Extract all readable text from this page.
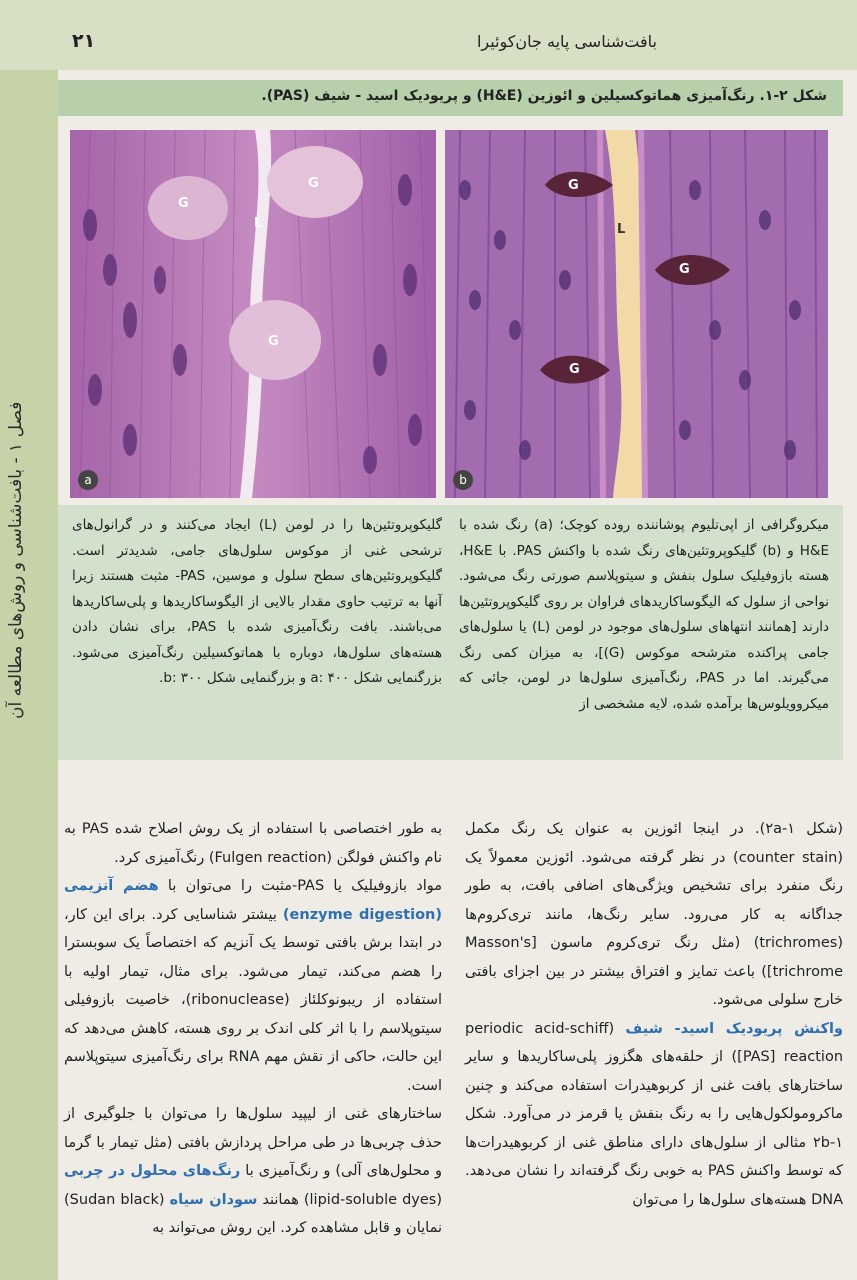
۲۱	بافت‌شناسی پایه جان‌کوئیرا
فصل ۱ - بافت‌شناسی و روش‌های مطالعه آن
شکل ۲-۱. رنگ‌آمیزی هماتوکسیلین و ائوزین (H&E) و پریودیک اسید - شیف (PAS).
G
L
G
G
a
G
L
G
G
b
میکروگرافی از اپی‌تلیوم پوشاننده روده کوچک؛ (a) رنگ شده با H&E و (b) گلیکوپروتئین‌های رنگ شده با واکنش PAS. با H&E، هسته بازوفیلیک سلول بنفش و سیتوپلاسم صورتی رنگ می‌شود. نواحی از سلول که الیگوساکاریدهای فراوان بر روی گلیکوپروتئین‌ها دارند [همانند انتهاهای سلول‌های موجود در لومن (L) یا سلول‌های جامی پراکنده مترشحه موکوس (G)]، به میزان کمی رنگ می‌گیرند. اما در PAS، رنگ‌آمیزی سلول‌ها در لومن، جائی که میکروویلوس‌ها برآمده شده، لایه مشخصی از
گلیکوپروتئین‌ها را در لومن (L) ایجاد می‌کنند و در گرانول‌های ترشحی غنی از موکوس سلول‌های جامی، شدیدتر است. گلیکوپروتئین‌های سطح سلول و موسین، PAS- مثبت هستند زیرا آنها به ترتیب حاوی مقدار بالایی از الیگوساکاریدها و پلی‌ساکاریدها می‌باشند. بافت رنگ‌آمیزی شده با PAS، برای نشان دادن هسته‌های سلول‌ها، دوباره با هماتوکسیلین رنگ‌آمیزی می‌شود. بزرگنمایی شکل a: ۴۰۰ و بزرگنمایی شکل b: ۳۰۰.

(شکل ۲a-۱). در اینجا ائوزین به عنوان یک رنگ مکمل (counter stain) در نظر گرفته می‌شود. ائوزین معمولاً یک رنگ منفرد برای تشخیص ویژگی‌های اضافی بافت، به طور جداگانه به کار می‌رود. سایر رنگ‌ها، مانند تری‌کروم‌ها (trichromes) (مثل رنگ تری‌کروم ماسون [Masson's trichrome]) باعث تمایز و افتراق بیشتر در بین اجزای بافتی خارج سلولی می‌شود.

واکنش پریودیک اسید- شیف (periodic acid-schiff [PAS] reaction) از حلقه‌های هگزوز پلی‌ساکاریدها و سایر ساختارهای بافت غنی از کربوهیدرات استفاده می‌کند و چنین ماکرومولکول‌هایی را به رنگ بنفش یا قرمز در می‌آورد. شکل ۲b-۱ مثالی از سلول‌های دارای مناطق غنی از کربوهیدرات‌ها که توسط واکنش PAS به خوبی رنگ گرفته‌اند را نشان می‌دهد. DNA هسته‌های سلول‌ها را می‌توان

به طور اختصاصی با استفاده از یک روش اصلاح شده PAS به نام واکنش فولگن (Fulgen reaction) رنگ‌آمیزی کرد.

مواد بازوفیلیک یا PAS-مثبت را می‌توان با هضم آنزیمی (enzyme digestion) بیشتر شناسایی کرد. برای این کار، در ابتدا برش بافتی توسط یک آنزیم که اختصاصاً یک سوبسترا را هضم می‌کند، تیمار می‌شود. برای مثال، تیمار اولیه با استفاده از ریبونوکلئاز (ribonuclease)، خاصیت بازوفیلی سیتوپلاسم را با اثر کلی اندک بر روی هسته، کاهش می‌دهد که این حالت، حاکی از نقش مهم RNA برای رنگ‌آمیزی سیتوپلاسم است.

ساختارهای غنی از لیپید سلول‌ها را می‌توان با جلوگیری از حذف چربی‌ها در طی مراحل پردازش بافتی (مثل تیمار با گرما و محلول‌های آلی) و رنگ‌آمیزی با رنگ‌های محلول در چربی (lipid-soluble dyes) همانند سودان سیاه (Sudan black) نمایان و قابل مشاهده کرد. این روش می‌تواند به
